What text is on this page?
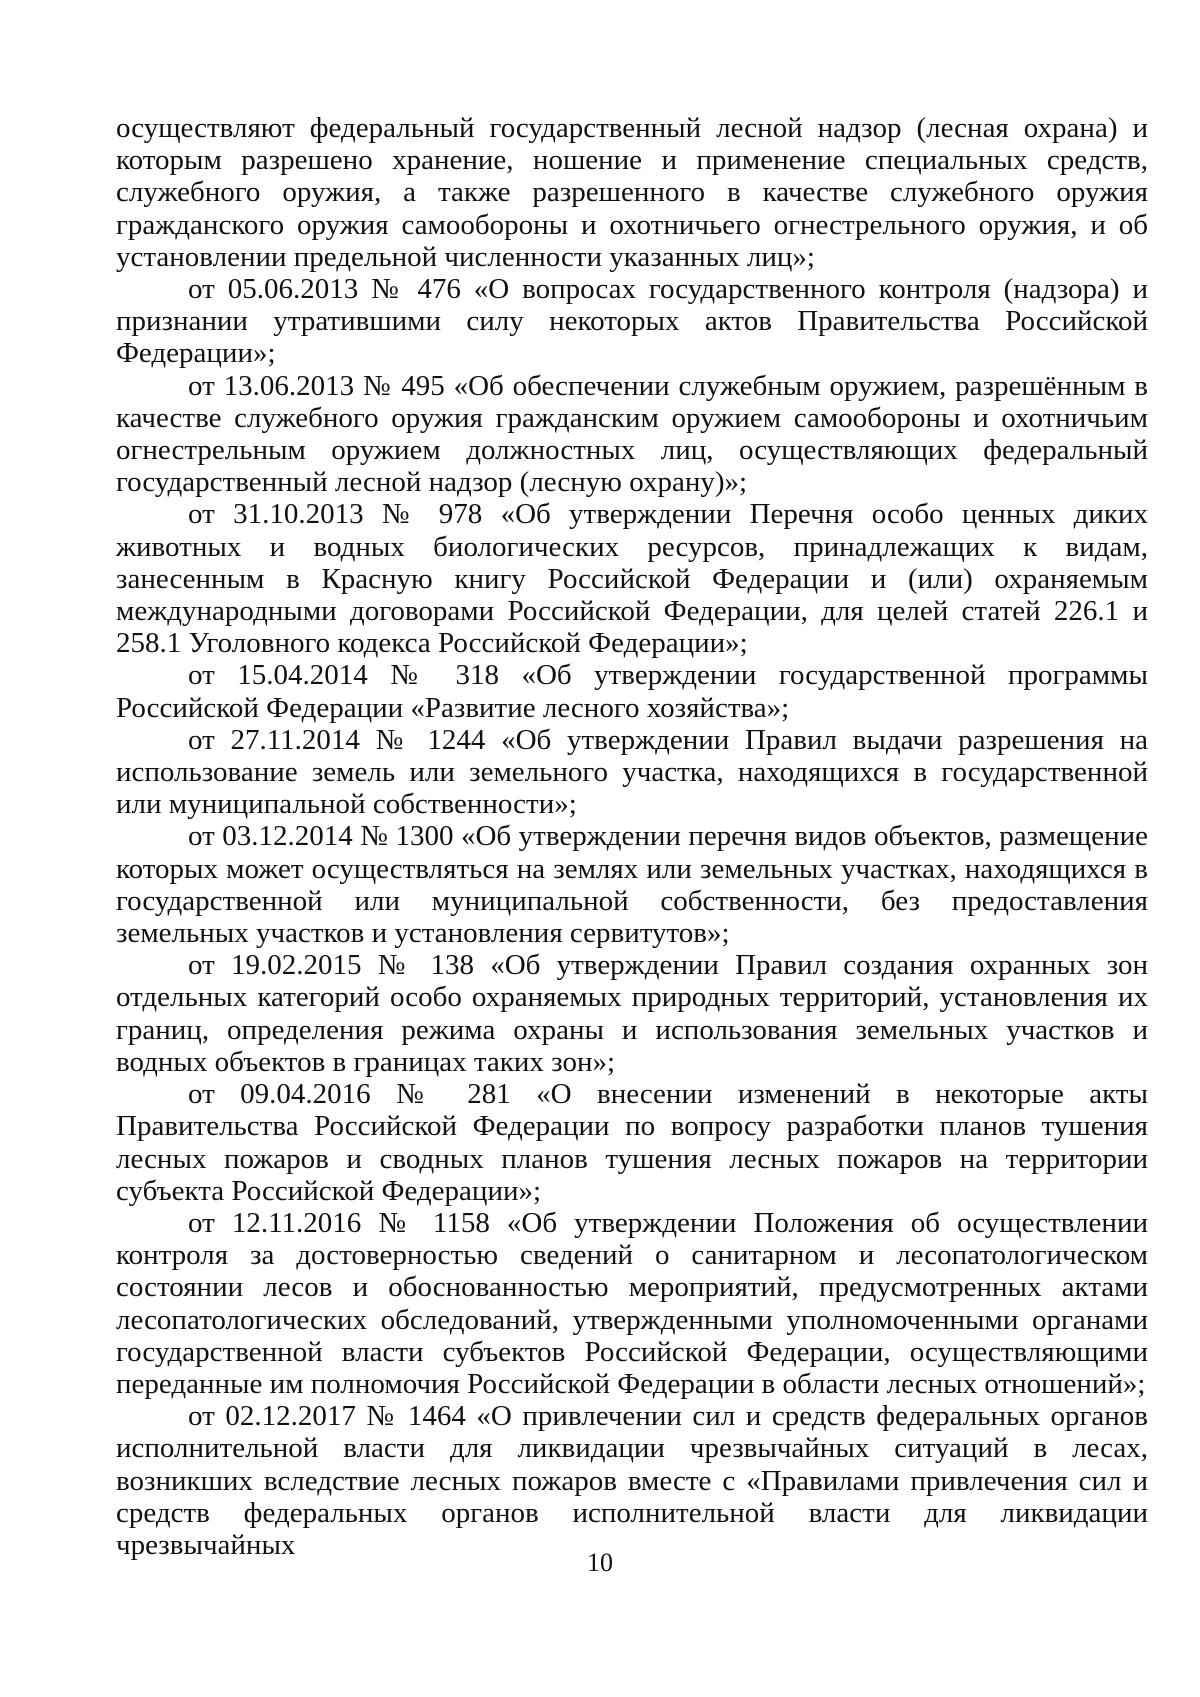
осуществляют федеральный государственный лесной надзор (лесная охрана) и которым разрешено хранение, ношение и применение специальных средств, служебного оружия, а также разрешенного в качестве служебного оружия гражданского оружия самообороны и охотничьего огнестрельного оружия, и об установлении предельной численности указанных лиц»;

от 05.06.2013 № 476 «О вопросах государственного контроля (надзора) и признании утратившими силу некоторых актов Правительства Российской Федерации»;

от 13.06.2013 № 495 «Об обеспечении служебным оружием, разрешённым в качестве служебного оружия гражданским оружием самообороны и охотничьим огнестрельным оружием должностных лиц, осуществляющих федеральный государственный лесной надзор (лесную охрану)»;

от 31.10.2013 № 978 «Об утверждении Перечня особо ценных диких животных и водных биологических ресурсов, принадлежащих к видам, занесенным в Красную книгу Российской Федерации и (или) охраняемым международными договорами Российской Федерации, для целей статей 226.1 и 258.1 Уголовного кодекса Российской Федерации»;

от 15.04.2014 № 318 «Об утверждении государственной программы Российской Федерации «Развитие лесного хозяйства»;

от 27.11.2014 № 1244 «Об утверждении Правил выдачи разрешения на использование земель или земельного участка, находящихся в государственной или муниципальной собственности»;

от 03.12.2014 № 1300 «Об утверждении перечня видов объектов, размещение которых может осуществляться на землях или земельных участках, находящихся в государственной или муниципальной собственности, без предоставления земельных участков и установления сервитутов»;

от 19.02.2015 № 138 «Об утверждении Правил создания охранных зон отдельных категорий особо охраняемых природных территорий, установления их границ, определения режима охраны и использования земельных участков и водных объектов в границах таких зон»;

от 09.04.2016 № 281 «О внесении изменений в некоторые акты Правительства Российской Федерации по вопросу разработки планов тушения лесных пожаров и сводных планов тушения лесных пожаров на территории субъекта Российской Федерации»;

от 12.11.2016 № 1158 «Об утверждении Положения об осуществлении контроля за достоверностью сведений о санитарном и лесопатологическом состоянии лесов и обоснованностью мероприятий, предусмотренных актами лесопатологических обследований, утвержденными уполномоченными органами государственной власти субъектов Российской Федерации, осуществляющими переданные им полномочия Российской Федерации в области лесных отношений»;

от 02.12.2017 № 1464 «О привлечении сил и средств федеральных органов исполнительной власти для ликвидации чрезвычайных ситуаций в лесах, возникших вследствие лесных пожаров вместе с «Правилами привлечения сил и средств федеральных органов исполнительной власти для ликвидации чрезвычайных

10
